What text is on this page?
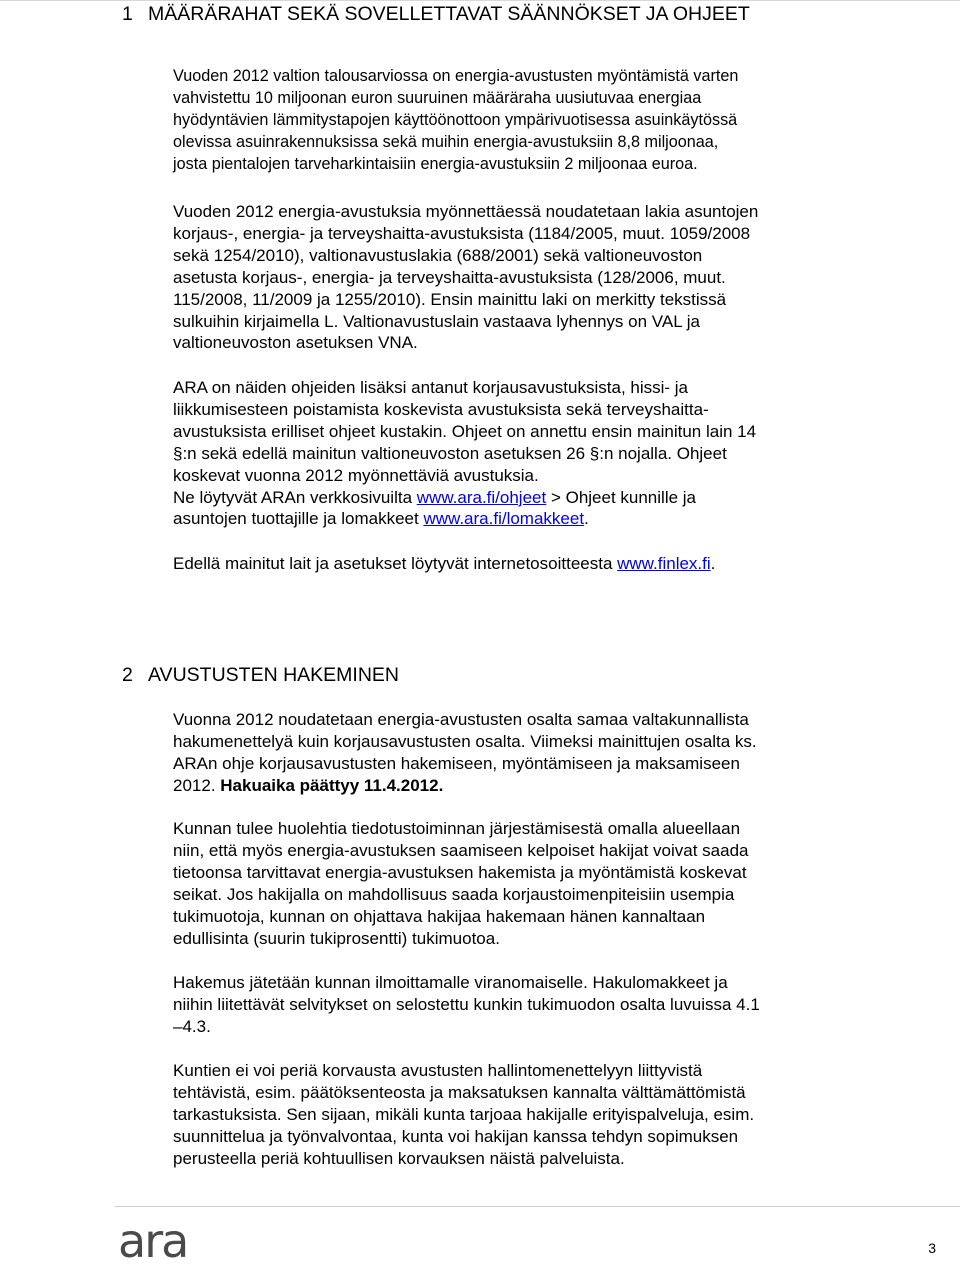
1 MÄÄRÄRAHAT SEKÄ SOVELLETTAVAT SÄÄNNÖKSET JA OHJEET
Vuoden 2012 valtion talousarviossa on energia-avustusten myöntämistä varten
vahvistettu 10 miljoonan euron suuruinen määräraha uusiutuvaa energiaa
hyödyntävien lämmitystapojen käyttöönottoon ympärivuotisessa asuinkäytössä
olevissa asuinrakennuksissa sekä muihin energia-avustuksiin 8,8 miljoonaa,
josta pientalojen tarveharkintaisiin energia-avustuksiin 2 miljoonaa euroa.
Vuoden 2012 energia-avustuksia myönnettäessä noudatetaan lakia asuntojen
korjaus-, energia- ja terveyshaitta-avustuksista (1184/2005, muut. 1059/2008
sekä 1254/2010), valtionavustuslakia (688/2001) sekä valtioneuvoston
asetusta korjaus-, energia- ja terveyshaitta-avustuksista (128/2006, muut.
115/2008, 11/2009 ja 1255/2010). Ensin mainittu laki on merkitty tekstissä
sulkuihin kirjaimella L. Valtionavustuslain vastaava lyhennys on VAL ja
valtioneuvoston asetuksen VNA.
ARA on näiden ohjeiden lisäksi antanut korjausavustuksista, hissi- ja
liikkumisesteen poistamista koskevista avustuksista sekä terveyshaitta-
avustuksista erilliset ohjeet kustakin. Ohjeet on annettu ensin mainitun lain 14
§:n sekä edellä mainitun valtioneuvoston asetuksen 26 §:n nojalla. Ohjeet
koskevat vuonna 2012 myönnettäviä avustuksia.
Ne löytyvät ARAn verkkosivuilta www.ara.fi/ohjeet > Ohjeet kunnille ja
asuntojen tuottajille ja lomakkeet www.ara.fi/lomakkeet.
Edellä mainitut lait ja asetukset löytyvät internetosoitteesta www.finlex.fi.
2 AVUSTUSTEN HAKEMINEN
Vuonna 2012 noudatetaan energia-avustusten osalta samaa valtakunnallista
hakumenettelyä kuin korjausavustusten osalta. Viimeksi mainittujen osalta ks.
ARAn ohje korjausavustusten hakemiseen, myöntämiseen ja maksamiseen
2012. Hakuaika päättyy 11.4.2012.
Kunnan tulee huolehtia tiedotustoiminnan järjestämisestä omalla alueellaan
niin, että myös energia-avustuksen saamiseen kelpoiset hakijat voivat saada
tietoonsa tarvittavat energia-avustuksen hakemista ja myöntämistä koskevat
seikat. Jos hakijalla on mahdollisuus saada korjaustoimenpiteisiin usempia
tukimuotoja, kunnan on ohjattava hakijaa hakemaan hänen kannaltaan
edullisinta (suurin tukiprosentti) tukimuotoa.
Hakemus jätetään kunnan ilmoittamalle viranomaiselle. Hakulomakkeet ja
niihin liitettävät selvitykset on selostettu kunkin tukimuodon osalta luvuissa 4.1
–4.3.
Kuntien ei voi periä korvausta avustusten hallintomenettelyyn liittyvistä
tehtävistä, esim. päätöksenteosta ja maksatuksen kannalta välttämättömistä
tarkastuksista. Sen sijaan, mikäli kunta tarjoaa hakijalle erityispalveluja, esim.
suunnittelua ja työnvalvontaa, kunta voi hakijan kanssa tehdyn sopimuksen
perusteella periä kohtuullisen korvauksen näistä palveluista.
ara	3
